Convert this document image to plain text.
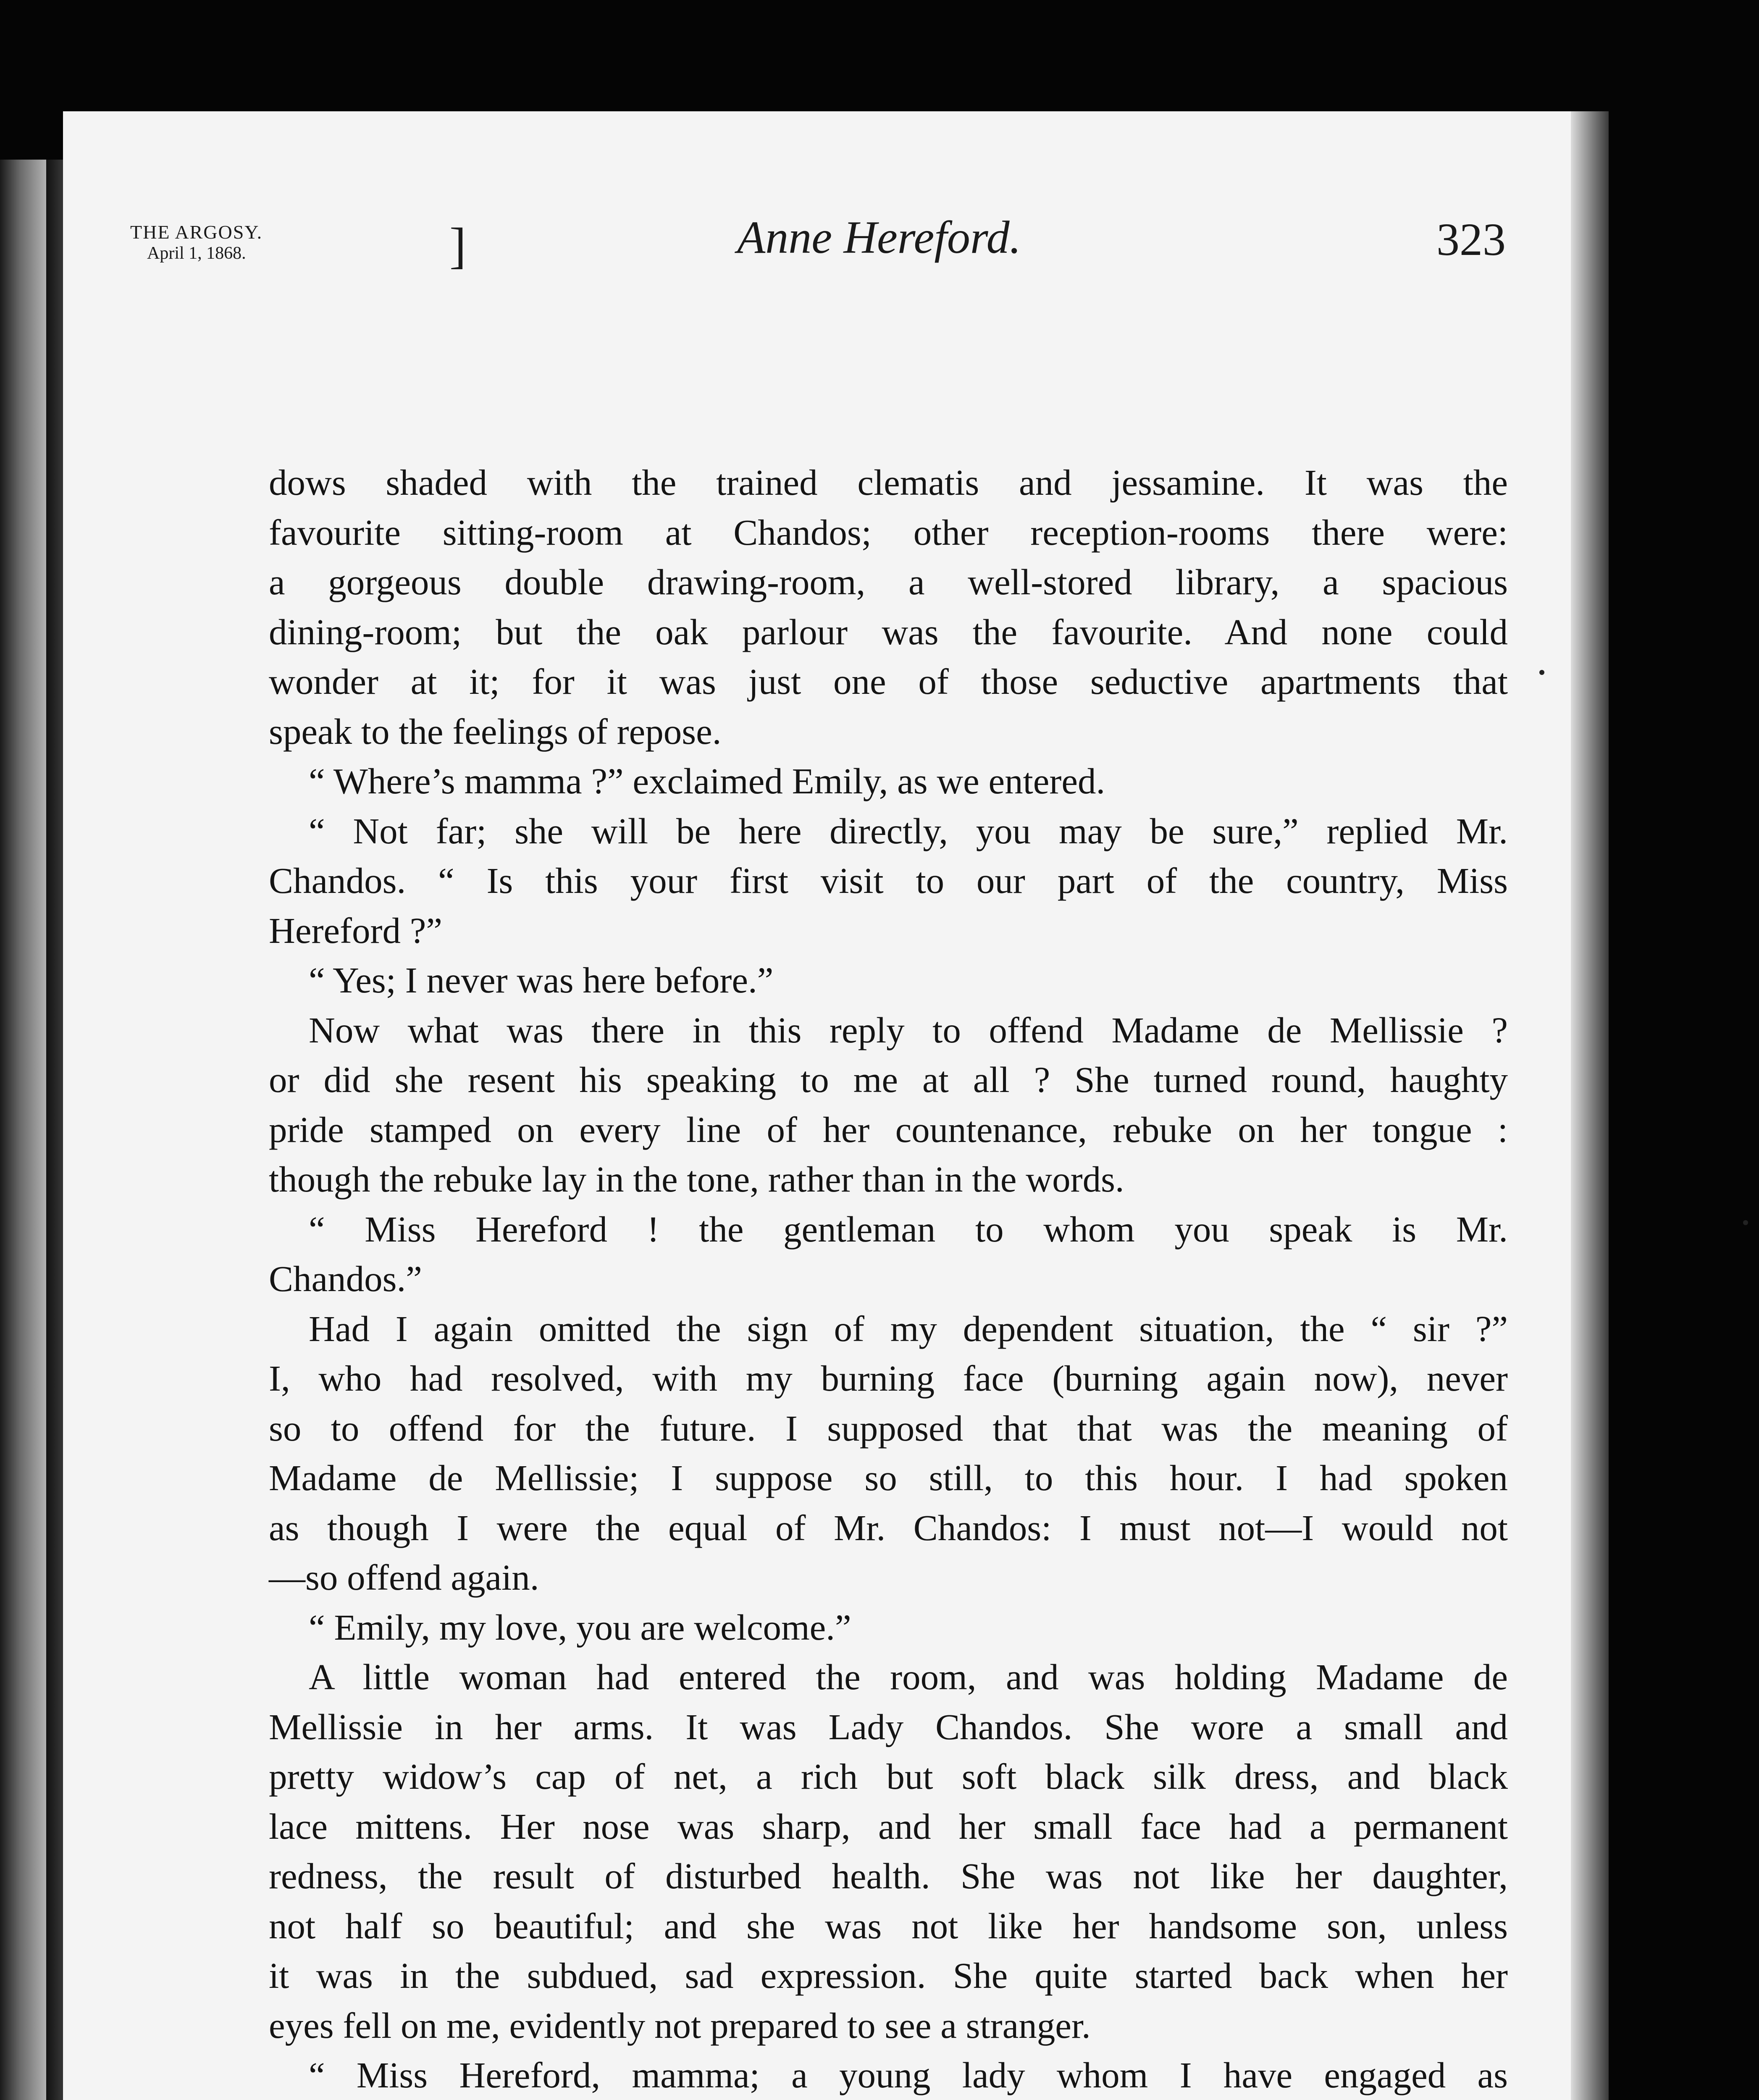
THE ARGOSY.
April 1, 1868.	]	Anne Hereford.	323
dows shaded with the trained clematis and jessamine. It was the
favourite sitting-room at Chandos; other reception-rooms there were:
a gorgeous double drawing-room, a well-stored library, a spacious
dining-room; but the oak parlour was the favourite. And none could
wonder at it; for it was just one of those seductive apartments that
speak to the feelings of repose.
“ Where’s mamma ?” exclaimed Emily, as we entered.
“ Not far; she will be here directly, you may be sure,” replied Mr.
Chandos. “ Is this your first visit to our part of the country, Miss
Hereford ?”
“ Yes; I never was here before.”
Now what was there in this reply to offend Madame de Mellissie ?
or did she resent his speaking to me at all ? She turned round, haughty
pride stamped on every line of her countenance, rebuke on her tongue :
though the rebuke lay in the tone, rather than in the words.
“ Miss Hereford ! the gentleman to whom you speak is Mr.
Chandos.”
Had I again omitted the sign of my dependent situation, the “ sir ?”
I, who had resolved, with my burning face (burning again now), never
so to offend for the future. I supposed that that was the meaning of
Madame de Mellissie; I suppose so still, to this hour. I had spoken
as though I were the equal of Mr. Chandos: I must not—I would not
—so offend again.
“ Emily, my love, you are welcome.”
A little woman had entered the room, and was holding Madame de
Mellissie in her arms. It was Lady Chandos. She wore a small and
pretty widow’s cap of net, a rich but soft black silk dress, and black
lace mittens. Her nose was sharp, and her small face had a permanent
redness, the result of disturbed health. She was not like her daughter,
not half so beautiful; and she was not like her handsome son, unless
it was in the subdued, sad expression. She quite started back when her
eyes fell on me, evidently not prepared to see a stranger.
“ Miss Hereford, mamma; a young lady whom I have engaged as
